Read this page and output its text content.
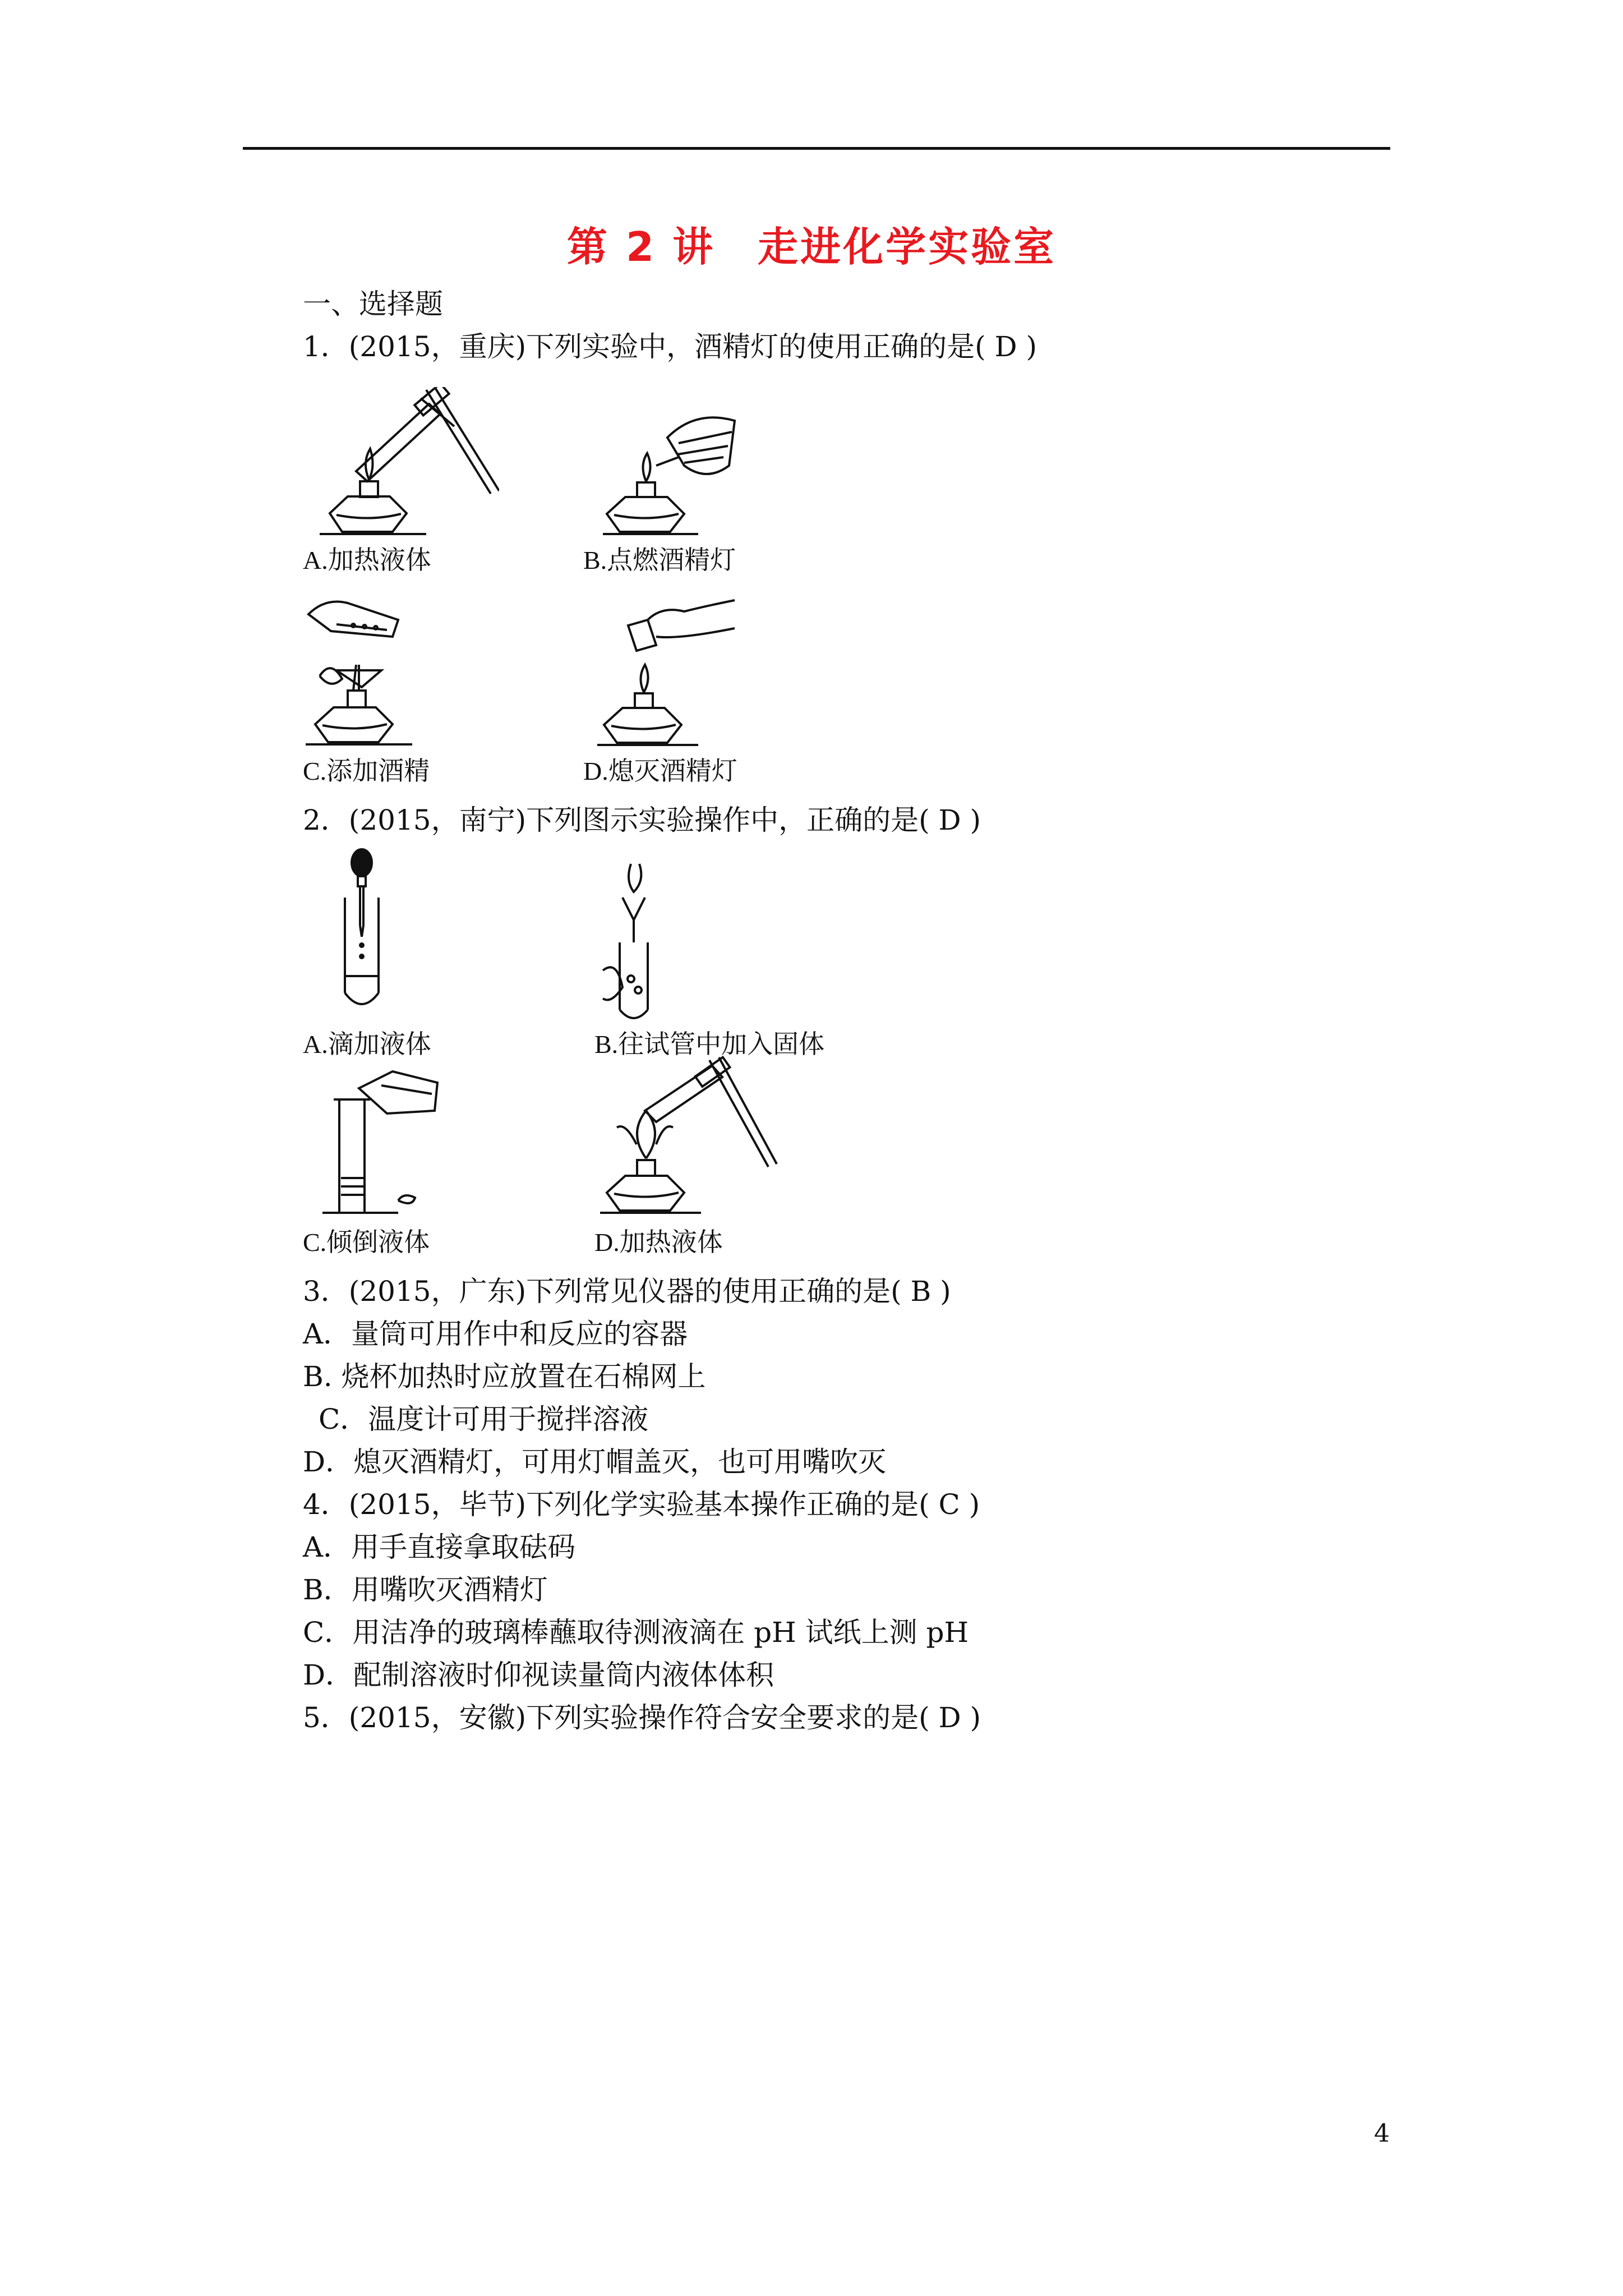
第 2 讲　走进化学实验室
一、选择题
1．(2015，重庆)下列实验中，酒精灯的使用正确的是( D )
A.加热液体	B.点燃酒精灯
C.添加酒精	D.熄灭酒精灯
2．(2015，南宁)下列图示实验操作中，正确的是( D )
A.滴加液体	B.往试管中加入固体
C.倾倒液体	D.加热液体
3．(2015，广东)下列常见仪器的使用正确的是( B )
A．量筒可用作中和反应的容器
B. 烧杯加热时应放置在石棉网上
C．温度计可用于搅拌溶液
D．熄灭酒精灯，可用灯帽盖灭，也可用嘴吹灭
4．(2015，毕节)下列化学实验基本操作正确的是( C )
A．用手直接拿取砝码
B．用嘴吹灭酒精灯
C．用洁净的玻璃棒蘸取待测液滴在 pH 试纸上测 pH
D．配制溶液时仰视读量筒内液体体积
5．(2015，安徽)下列实验操作符合安全要求的是( D )
4
